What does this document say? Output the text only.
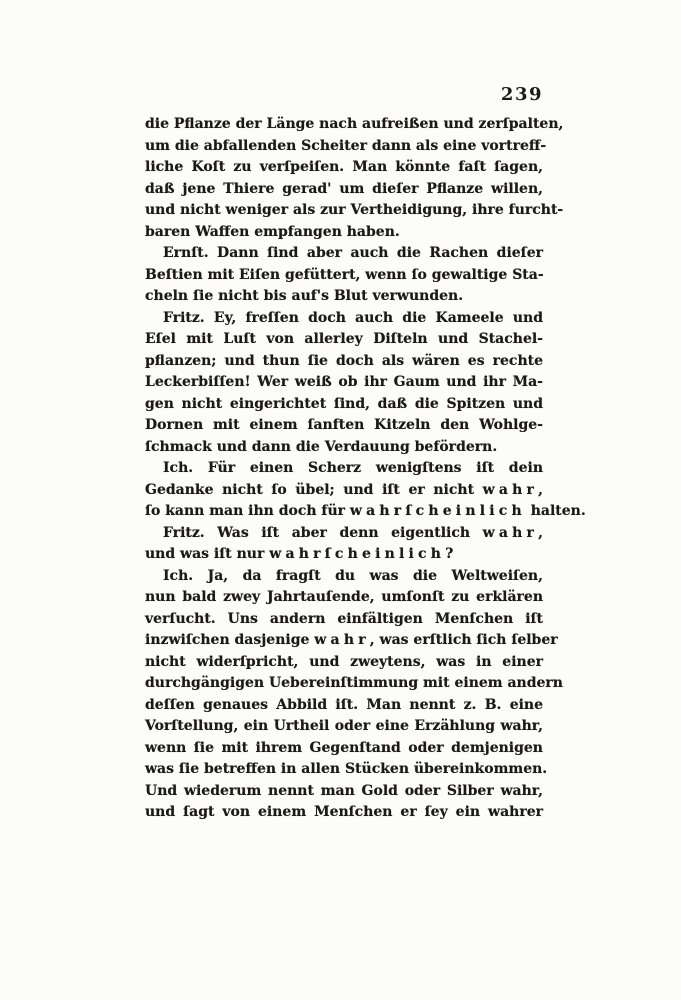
239
die Pflanze der Länge nach aufreißen und zerſpalten,
um die abfallenden Scheiter dann als eine vortreff-
liche Koſt zu verſpeiſen. Man könnte faſt ſagen,
daß jene Thiere gerad' um dieſer Pflanze willen,
und nicht weniger als zur Vertheidigung, ihre furcht-
baren Waffen empfangen haben.
Ernſt. Dann ſind aber auch die Rachen dieſer
Beſtien mit Eiſen gefüttert, wenn ſo gewaltige Sta-
cheln ſie nicht bis auf's Blut verwunden.
Fritz. Ey, freſſen doch auch die Kameele und
Eſel mit Luſt von allerley Diſteln und Stachel-
pflanzen; und thun ſie doch als wären es rechte
Leckerbiſſen! Wer weiß ob ihr Gaum und ihr Ma-
gen nicht eingerichtet ſind, daß die Spitzen und
Dornen mit einem ſanften Kitzeln den Wohlge-
ſchmack und dann die Verdauung befördern.
Ich. Für einen Scherz wenigſtens iſt dein
Gedanke nicht ſo übel; und iſt er nicht wahr,
ſo kann man ihn doch für wahrſcheinlich halten.
Fritz. Was iſt aber denn eigentlich wahr,
und was iſt nur wahrſcheinlich?
Ich. Ja, da fragſt du was die Weltweiſen,
nun bald zwey Jahrtauſende, umſonſt zu erklären
verſucht. Uns andern einfältigen Menſchen iſt
inzwiſchen dasjenige wahr, was erſtlich ſich ſelber
nicht widerſpricht, und zweytens, was in einer
durchgängigen Uebereinſtimmung mit einem andern
deſſen genaues Abbild iſt. Man nennt z. B. eine
Vorſtellung, ein Urtheil oder eine Erzählung wahr,
wenn ſie mit ihrem Gegenſtand oder demjenigen
was ſie betreffen in allen Stücken übereinkommen.
Und wiederum nennt man Gold oder Silber wahr,
und ſagt von einem Menſchen er ſey ein wahrer
